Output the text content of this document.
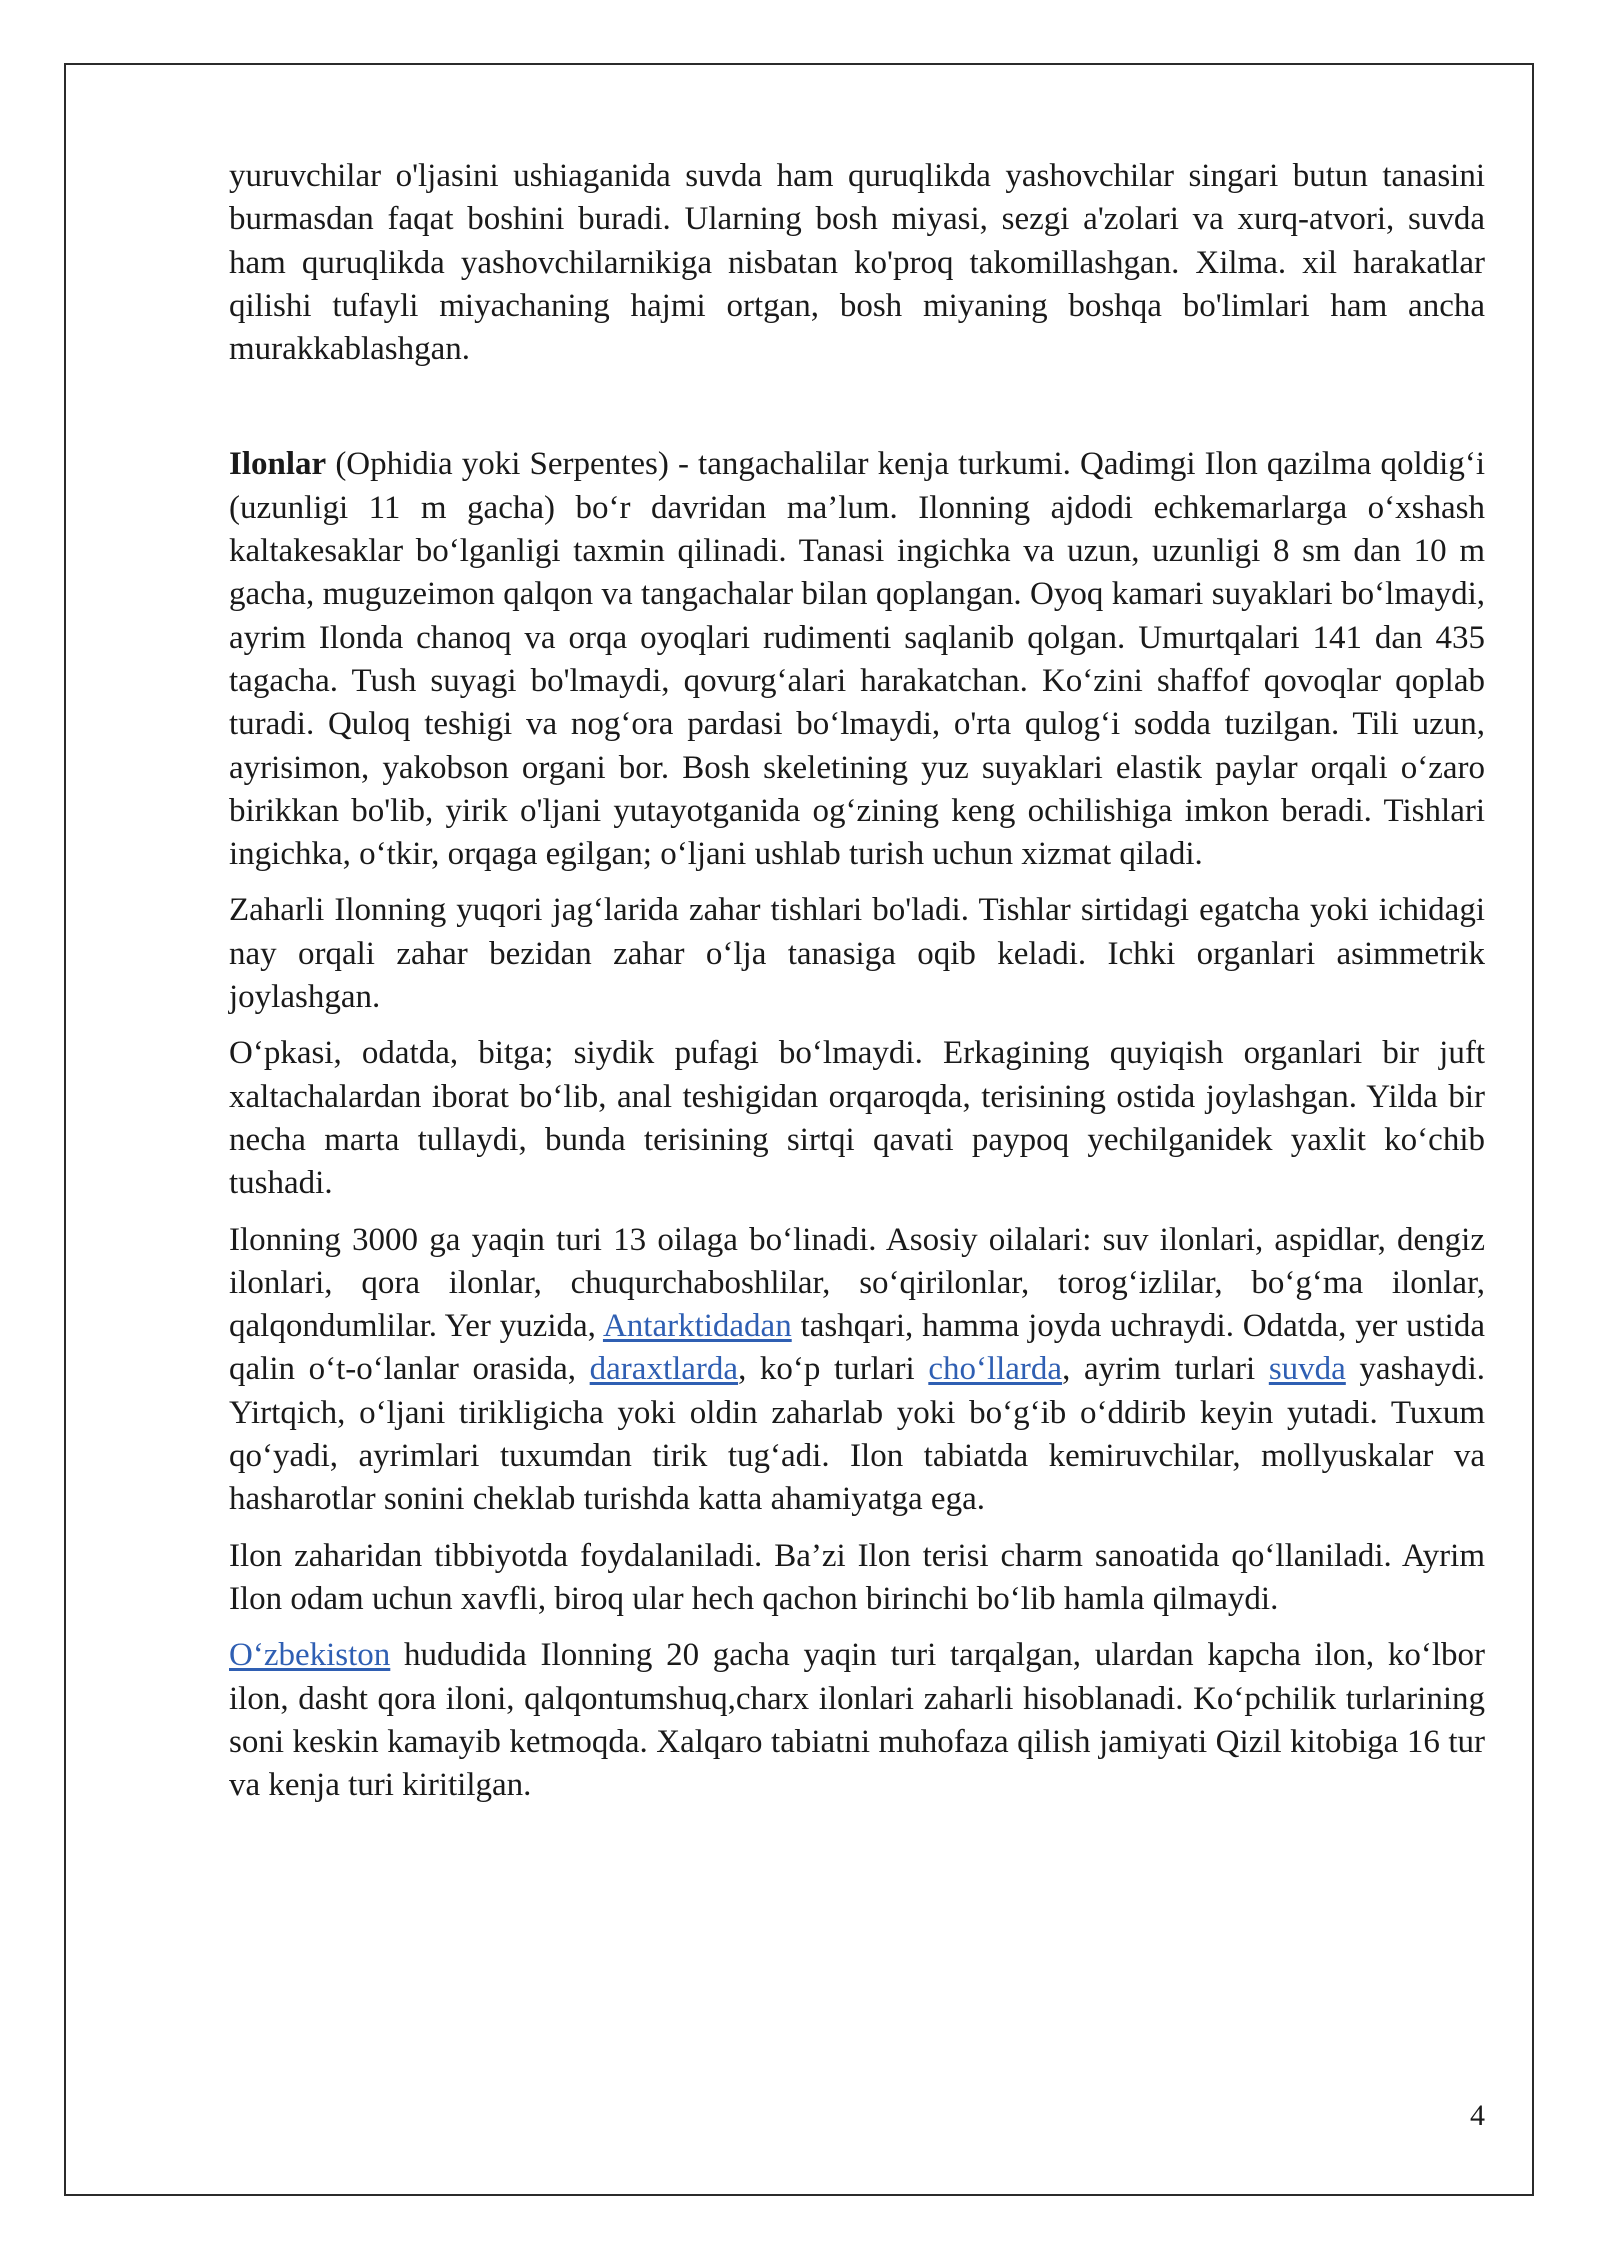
yuruvchilar o'ljasini ushiaganida suvda ham quruqlikda yashovchilar singari butun tanasini burmasdan faqat boshini buradi. Ularning bosh miyasi, sezgi a'zolari va xurq-atvori, suvda ham quruqlikda yashovchilarnikiga nisbatan ko'proq takomillashgan. Xilma. xil harakatlar qilishi tufayli miyachaning hajmi ortgan, bosh miyaning boshqa bo'limlari ham ancha murakkablashgan.

Ilonlar (Ophidia yoki Serpentes) - tangachalilar kenja turkumi. Qadimgi Ilon qazilma qoldig‘i (uzunligi 11 m gacha) bo‘r davridan ma’lum. Ilonning ajdodi echkemarlarga o‘xshash kaltakesaklar bo‘lganligi taxmin qilinadi. Tanasi ingichka va uzun, uzunligi 8 sm dan 10 m gacha, muguzeimon qalqon va tangachalar bilan qoplangan. Oyoq kamari suyaklari bo‘lmaydi, ayrim Ilonda chanoq va orqa oyoqlari rudimenti saqlanib qolgan. Umurtqalari 141 dan 435 tagacha. Tush suyagi bo'lmaydi, qovurg‘alari harakatchan. Ko‘zini shaffof qovoqlar qoplab turadi. Quloq teshigi va nog‘ora pardasi bo‘lmaydi, o'rta qulog‘i sodda tuzilgan. Tili uzun, ayrisimon, yakobson organi bor. Bosh skeletining yuz suyaklari elastik paylar orqali o‘zaro birikkan bo'lib, yirik o'ljani yutayotganida og‘zining keng ochilishiga imkon beradi. Tishlari ingichka, o‘tkir, orqaga egilgan; o‘ljani ushlab turish uchun xizmat qiladi.

Zaharli Ilonning yuqori jag‘larida zahar tishlari bo'ladi. Tishlar sirtidagi egatcha yoki ichidagi nay orqali zahar bezidan zahar o‘lja tanasiga oqib keladi. Ichki organlari asimmetrik joylashgan.

O‘pkasi, odatda, bitga; siydik pufagi bo‘lmaydi. Erkagining quyiqish organlari bir juft xaltachalardan iborat bo‘lib, anal teshigidan orqaroqda, terisining ostida joylashgan. Yilda bir necha marta tullaydi, bunda terisining sirtqi qavati paypoq yechilganidek yaxlit ko‘chib tushadi.

Ilonning 3000 ga yaqin turi 13 oilaga bo‘linadi. Asosiy oilalari: suv ilonlari, aspidlar, dengiz ilonlari, qora ilonlar, chuqurchaboshlilar, so‘qirilonlar, torog‘izlilar, bo‘g‘ma ilonlar, qalqondumlilar. Yer yuzida, Antarktidadan tashqari, hamma joyda uchraydi. Odatda, yer ustida qalin o‘t-o‘lanlar orasida, daraxtlarda, ko‘p turlari cho‘llarda, ayrim turlari suvda yashaydi. Yirtqich, o‘ljani tirikligicha yoki oldin zaharlab yoki bo‘g‘ib o‘ddirib keyin yutadi. Tuxum qo‘yadi, ayrimlari tuxumdan tirik tug‘adi. Ilon tabiatda kemiruvchilar, mollyuskalar va hasharotlar sonini cheklab turishda katta ahamiyatga ega.

Ilon zaharidan tibbiyotda foydalaniladi. Ba’zi Ilon terisi charm sanoatida qo‘llaniladi. Ayrim Ilon odam uchun xavfli, biroq ular hech qachon birinchi bo‘lib hamla qilmaydi.

O‘zbekiston hududida Ilonning 20 gacha yaqin turi tarqalgan, ulardan kapcha ilon, ko‘lbor ilon, dasht qora iloni, qalqontumshuq,charx ilonlari zaharli hisoblanadi. Ko‘pchilik turlarining soni keskin kamayib ketmoqda. Xalqaro tabiatni muhofaza qilish jamiyati Qizil kitobiga 16 tur va kenja turi kiritilgan.

4
